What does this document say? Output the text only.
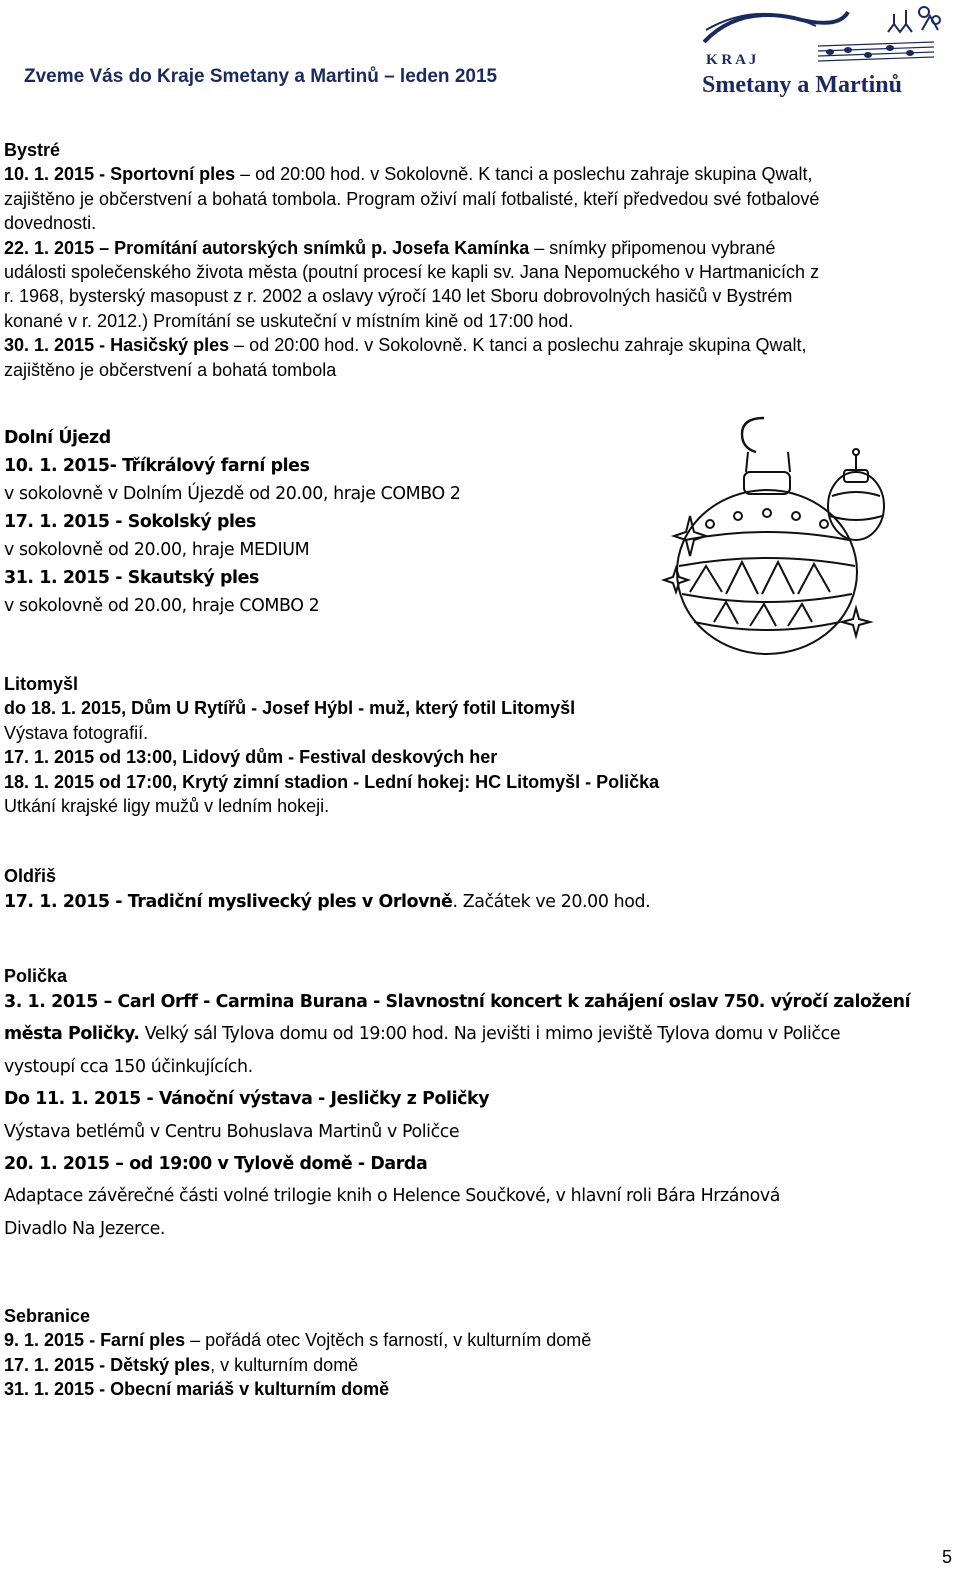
Zveme Vás do Kraje Smetany a Martinů – leden 2015
K R A J
Smetany a Martinů
Bystré
10. 1. 2015 - Sportovní ples – od 20:00 hod. v Sokolovně. K tanci a poslechu zahraje skupina Qwalt,
zajištěno je občerstvení a bohatá tombola. Program oživí malí fotbalisté, kteří předvedou své fotbalové
dovednosti.
22. 1. 2015 – Promítání autorských snímků p. Josefa Kamínka – snímky připomenou vybrané
události společenského života města (poutní procesí ke kapli sv. Jana Nepomuckého v Hartmanicích z
r. 1968, bysterský masopust z r. 2002 a oslavy výročí 140 let Sboru dobrovolných hasičů v Bystrém
konané v r. 2012.) Promítání se uskuteční v místním kině od 17:00 hod.
30. 1. 2015 - Hasičský ples – od 20:00 hod. v Sokolovně. K tanci a poslechu zahraje skupina Qwalt,
zajištěno je občerstvení a bohatá tombola
Dolní Újezd
10. 1. 2015- Tříkrálový farní ples
v sokolovně v Dolním Újezdě od 20.00, hraje COMBO 2
17. 1. 2015 - Sokolský ples
v sokolovně od 20.00, hraje MEDIUM
31. 1. 2015 - Skautský ples
v sokolovně od 20.00, hraje COMBO 2
Litomyšl
do 18. 1. 2015, Dům U Rytířů - Josef Hýbl - muž, který fotil Litomyšl
Výstava fotografií.
17. 1. 2015 od 13:00, Lidový dům - Festival deskových her
18. 1. 2015 od 17:00, Krytý zimní stadion - Lední hokej: HC Litomyšl - Polička
Utkání krajské ligy mužů v ledním hokeji.
Oldřiš
17. 1. 2015 - Tradiční myslivecký ples v Orlovně. Začátek ve 20.00 hod.
Polička
3. 1. 2015 – Carl Orff - Carmina Burana - Slavnostní koncert k zahájení oslav 750. výročí založení
města Poličky. Velký sál Tylova domu od 19:00 hod. Na jevišti i mimo jeviště Tylova domu v Poličce
vystoupí cca 150 účinkujících.
Do 11. 1. 2015 - Vánoční výstava - Jesličky z Poličky
Výstava betlémů v Centru Bohuslava Martinů v Poličce
20. 1. 2015 – od 19:00 v Tylově domě - Darda
Adaptace závěrečné části volné trilogie knih o Helence Součkové, v hlavní roli Bára Hrzánová
Divadlo Na Jezerce.
Sebranice
9. 1. 2015 - Farní ples – pořádá otec Vojtěch s farností, v kulturním domě
17. 1. 2015 - Dětský ples, v kulturním domě
31. 1. 2015 - Obecní mariáš v kulturním domě
5
